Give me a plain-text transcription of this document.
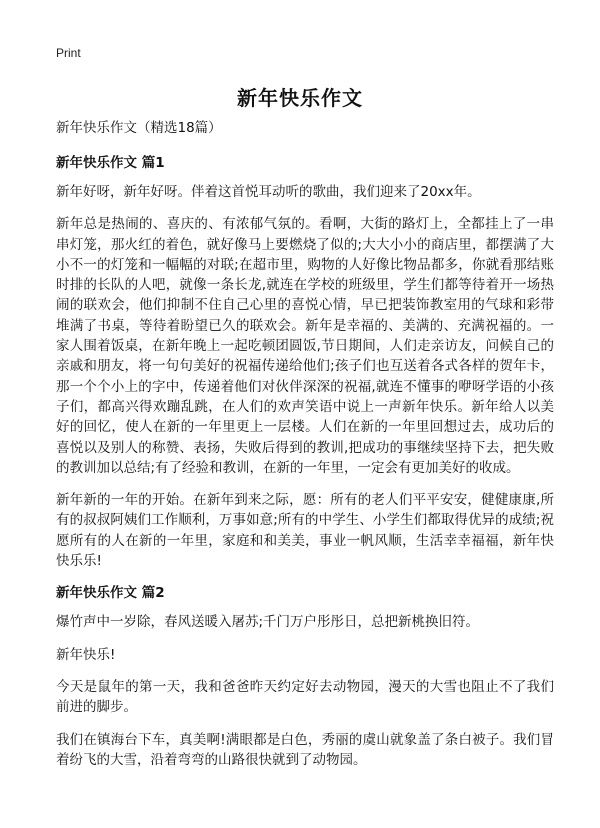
Print
新年快乐作文
新年快乐作文（精选18篇）
新年快乐作文 篇1

新年好呀，新年好呀。伴着这首悦耳动听的歌曲，我们迎来了20xx年。

新年总是热闹的、喜庆的、有浓郁气氛的。看啊，大街的路灯上，全都挂上了一串串灯笼，那火红的着色，就好像马上要燃烧了似的;大大小小的商店里，都摆满了大小不一的灯笼和一幅幅的对联;在超市里，购物的人好像比物品都多，你就看那结账时排的长队的人吧，就像一条长龙,就连在学校的班级里，学生们都等待着开一场热闹的联欢会，他们抑制不住自己心里的喜悦心情，早已把装饰教室用的气球和彩带堆满了书桌，等待着盼望已久的联欢会。新年是幸福的、美满的、充满祝福的。一家人围着饭桌，在新年晚上一起吃顿团圆饭,节日期间，人们走亲访友，问候自己的亲戚和朋友，将一句句美好的祝福传递给他们;孩子们也互送着各式各样的贺年卡，那一个个小上的字中，传递着他们对伙伴深深的祝福,就连不懂事的咿呀学语的小孩子们，都高兴得欢蹦乱跳，在人们的欢声笑语中说上一声新年快乐。新年给人以美好的回忆，使人在新的一年里更上一层楼。人们在新的一年里回想过去，成功后的喜悦以及别人的称赞、表扬，失败后得到的教训,把成功的事继续坚持下去，把失败的教训加以总结;有了经验和教训，在新的一年里，一定会有更加美好的收成。

新年新的一年的开始。在新年到来之际，愿：所有的老人们平平安安，健健康康,所有的叔叔阿姨们工作顺利，万事如意;所有的中学生、小学生们都取得优异的成绩;祝愿所有的人在新的一年里，家庭和和美美，事业一帆风顺，生活幸幸福福，新年快快乐乐!

新年快乐作文 篇2

爆竹声中一岁除，春风送暖入屠苏;千门万户彤彤日，总把新桃换旧符。

新年快乐!

今天是鼠年的第一天，我和爸爸昨天约定好去动物园，漫天的大雪也阻止不了我们前进的脚步。

我们在镇海台下车，真美啊!满眼都是白色，秀丽的虞山就象盖了条白被子。我们冒着纷飞的大雪，沿着弯弯的山路很快就到了动物园。
